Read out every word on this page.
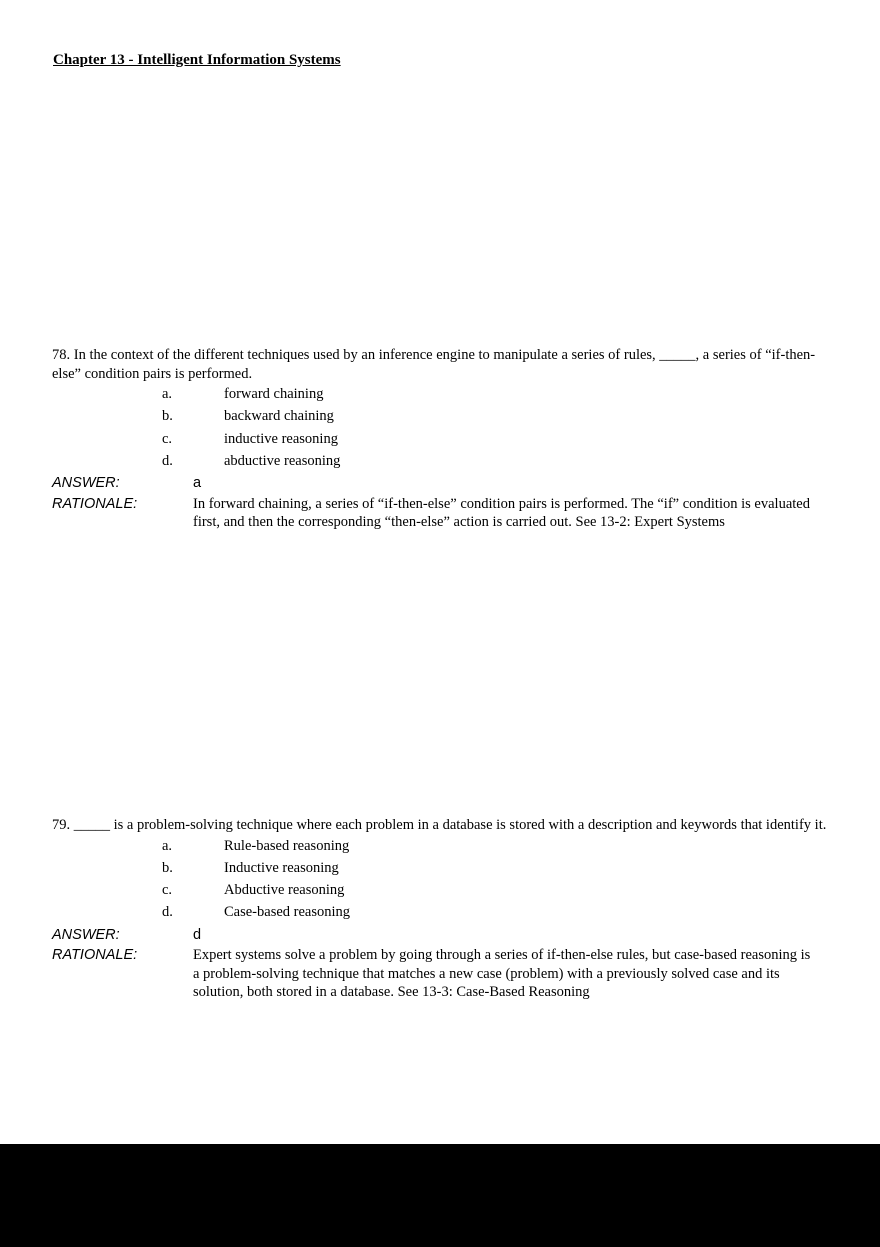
Chapter 13 - Intelligent Information Systems
78. In the context of the different techniques used by an inference engine to manipulate a series of rules, _____, a series of “if-then-else” condition pairs is performed.
a.	forward chaining
b.	backward chaining
c.	inductive reasoning
d.	abductive reasoning
ANSWER:	a
RATIONALE:	In forward chaining, a series of “if-then-else” condition pairs is performed. The “if” condition is evaluated first, and then the corresponding “then-else” action is carried out. See 13-2: Expert Systems
79. _____ is a problem-solving technique where each problem in a database is stored with a description and keywords that identify it.
a.	Rule-based reasoning
b.	Inductive reasoning
c.	Abductive reasoning
d.	Case-based reasoning
ANSWER:	d
RATIONALE:	Expert systems solve a problem by going through a series of if-then-else rules, but case-based reasoning is a problem-solving technique that matches a new case (problem) with a previously solved case and its solution, both stored in a database. See 13-3: Case-Based Reasoning
